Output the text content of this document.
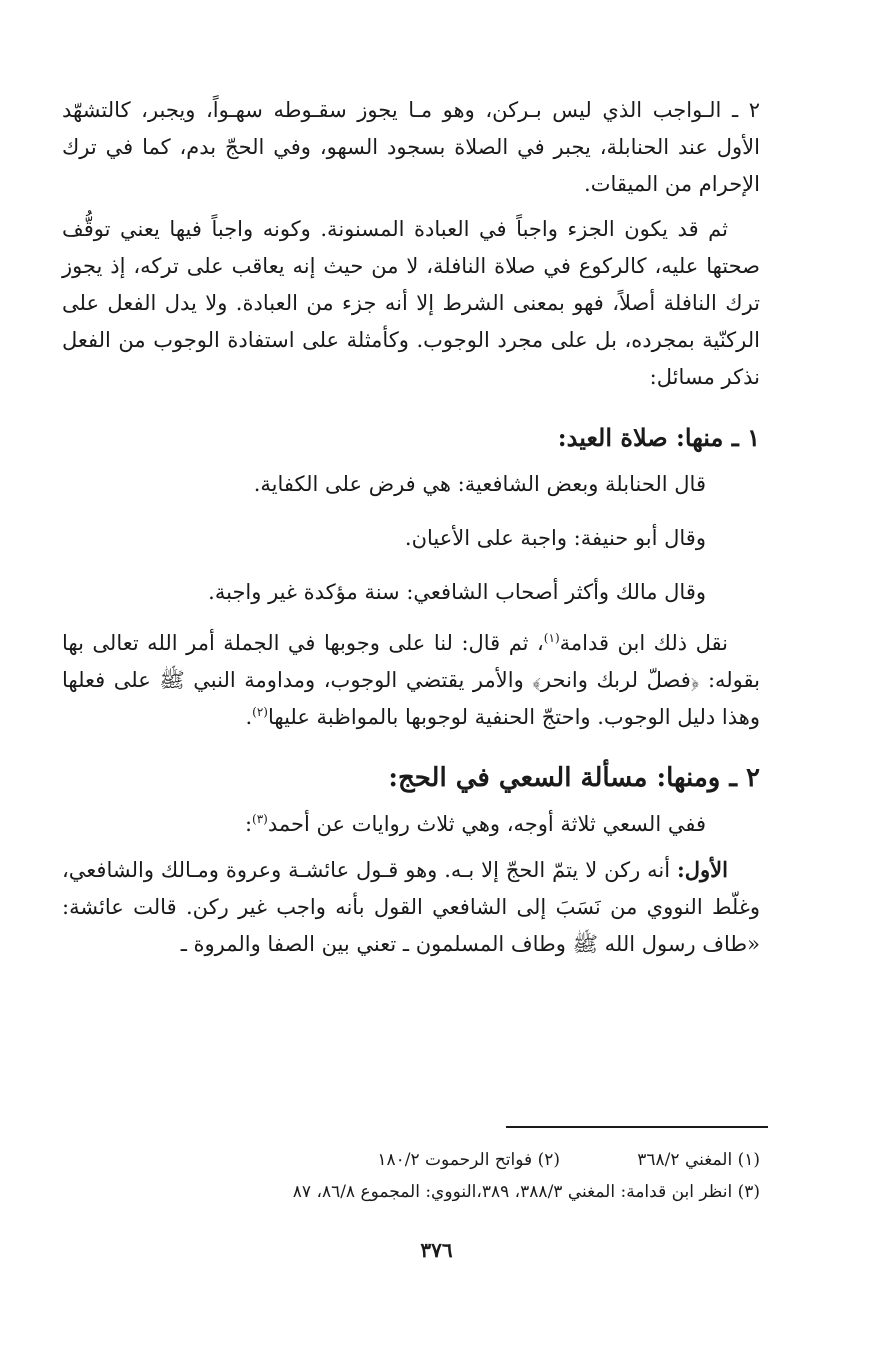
٢ ـ الـواجب الذي ليس بـركن، وهو مـا يجوز سقـوطه سهـواً، ويجبر، كالتشهّد الأول عند الحنابلة، يجبر في الصلاة بسجود السهو، وفي الحجّ بدم، كما في ترك الإحرام من الميقات.

ثم قد يكون الجزء واجباً في العبادة المسنونة. وكونه واجباً فيها يعني توقُّف صحتها عليه، كالركوع في صلاة النافلة، لا من حيث إنه يعاقب على تركه، إذ يجوز ترك النافلة أصلاً، فهو بمعنى الشرط إلا أنه جزء من العبادة. ولا يدل الفعل على الركنّية بمجرده، بل على مجرد الوجوب. وكأمثلة على استفادة الوجوب من الفعل نذكر مسائل:

١ ـ منها: صلاة العيد:

قال الحنابلة وبعض الشافعية: هي فرض على الكفاية.

وقال أبو حنيفة: واجبة على الأعيان.

وقال مالك وأكثر أصحاب الشافعي: سنة مؤكدة غير واجبة.

نقل ذلك ابن قدامة$^{(١)}$، ثم قال: لنا على وجوبها في الجملة أمر الله تعالى بها بقوله: ﴿فصلّ لربك وانحر﴾ والأمر يقتضي الوجوب، ومداومة النبي ﷺ على فعلها وهذا دليل الوجوب. واحتجّ الحنفية لوجوبها بالمواظبة عليها$^{(٢)}$.

٢ ـ ومنها: مسألة السعي في الحج:

ففي السعي ثلاثة أوجه، وهي ثلاث روايات عن أحمد$^{(٣)}$:

الأول: أنه ركن لا يتمّ الحجّ إلا بـه. وهو قـول عائشـة وعروة ومـالك والشافعي، وغلّط النووي من نَسَبَ إلى الشافعي القول بأنه واجب غير ركن. قالت عائشة: «طاف رسول الله ﷺ وطاف المسلمون ـ تعني بين الصفا والمروة ـ

(١) المغني ٣٦٨/٢
(٢) فواتح الرحموت ١٨٠/٢
(٣) انظر ابن قدامة: المغني ٣٨٨/٣، ٣٨٩،النووي: المجموع ٨٦/٨، ٨٧
٣٧٦
